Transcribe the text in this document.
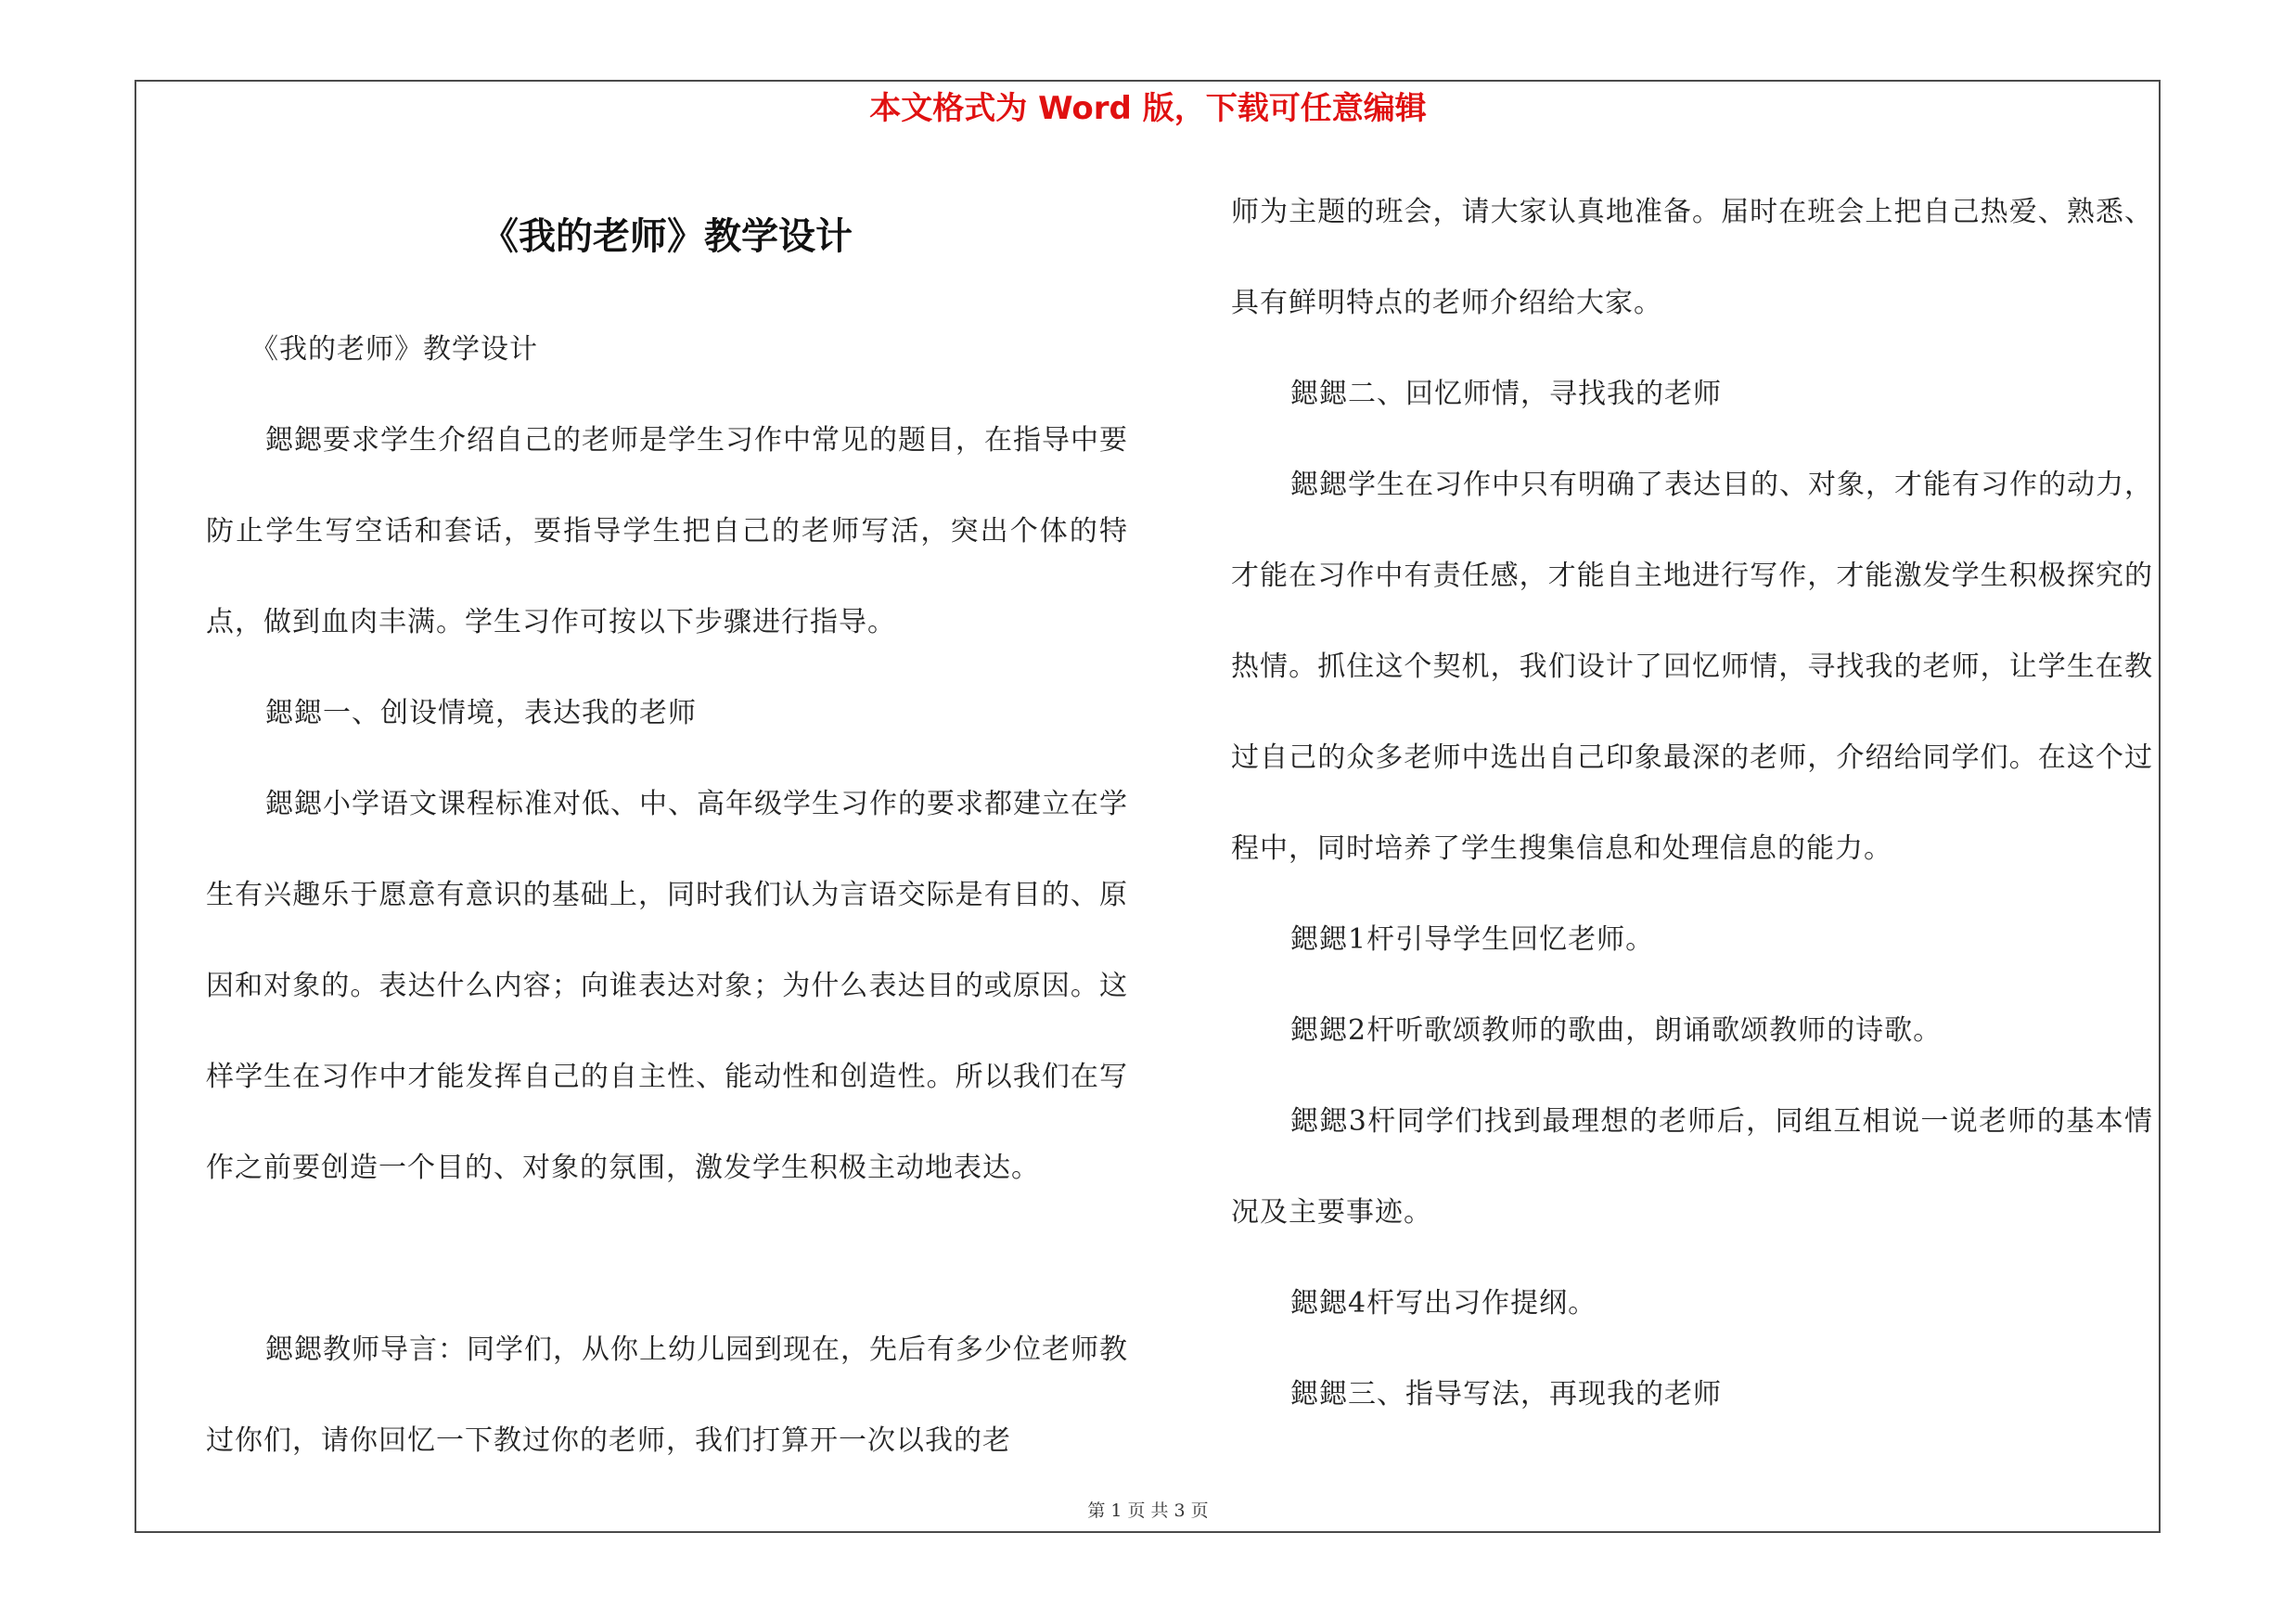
本文格式为 Word 版，下载可任意编辑
《我的老师》教学设计

《我的老师》教学设计

鍶鍶要求学生介绍自己的老师是学生习作中常见的题目，在指导中要防止学生写空话和套话，要指导学生把自己的老师写活，突出个体的特点，做到血肉丰满。学生习作可按以下步骤进行指导。

鍶鍶一、创设情境，表达我的老师

鍶鍶小学语文课程标准对低、中、高年级学生习作的要求都建立在学生有兴趣乐于愿意有意识的基础上，同时我们认为言语交际是有目的、原因和对象的。表达什么内容；向谁表达对象；为什么表达目的或原因。这样学生在习作中才能发挥自己的自主性、能动性和创造性。所以我们在写作之前要创造一个目的、对象的氛围，激发学生积极主动地表达。

鍶鍶教师导言：同学们，从你上幼儿园到现在，先后有多少位老师教过你们，请你回忆一下教过你的老师，我们打算开一次以我的老

师为主题的班会，请大家认真地准备。届时在班会上把自己热爱、熟悉、具有鲜明特点的老师介绍给大家。

鍶鍶二、回忆师情，寻找我的老师

鍶鍶学生在习作中只有明确了表达目的、对象，才能有习作的动力，才能在习作中有责任感，才能自主地进行写作，才能激发学生积极探究的热情。抓住这个契机，我们设计了回忆师情，寻找我的老师，让学生在教过自己的众多老师中选出自己印象最深的老师，介绍给同学们。在这个过程中，同时培养了学生搜集信息和处理信息的能力。

鍶鍶1杆引导学生回忆老师。

鍶鍶2杆听歌颂教师的歌曲，朗诵歌颂教师的诗歌。

鍶鍶3杆同学们找到最理想的老师后，同组互相说一说老师的基本情况及主要事迹。

鍶鍶4杆写出习作提纲。

鍶鍶三、指导写法，再现我的老师

第 1 页 共 3 页
